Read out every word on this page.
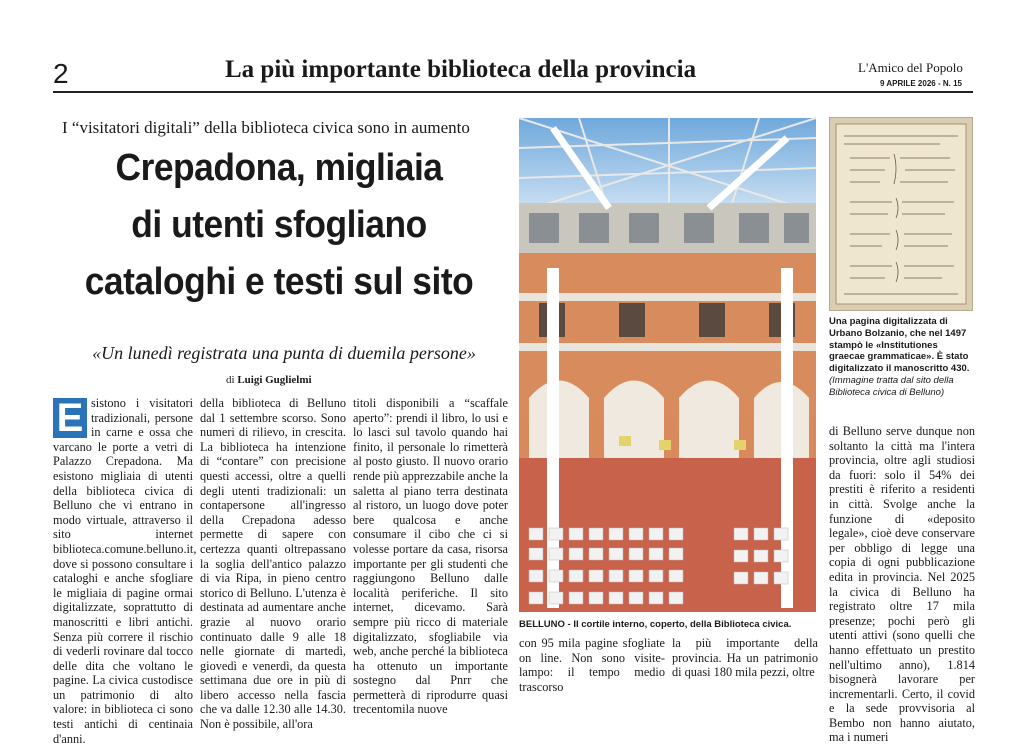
2	La più importante biblioteca della provincia	L'Amico del Popolo
9 APRILE 2026 - N. 15
I “visitatori digitali” della biblioteca civica sono in aumento
Crepadona, migliaia
di utenti sfogliano
cataloghi e testi sul sito
«Un lunedì registrata una punta di duemila persone»
di Luigi Guglielmi
E sistono i visitatori tradizionali, persone in carne e ossa che varcano le porte a vetri di Palazzo Crepadona. Ma esistono migliaia di utenti della biblioteca civica di Belluno che vi entrano in modo virtuale, attraverso il sito internet biblioteca.comune.belluno.it, dove si possono consultare i cataloghi e anche sfogliare le migliaia di pagine ormai digitalizzate, soprattutto di manoscritti e libri antichi. Senza più correre il rischio di vederli rovinare dal tocco delle dita che voltano le pagine. La civica custodisce un patrimonio di alto valore: in biblioteca ci sono testi antichi di centinaia d'anni.
della biblioteca di Belluno dal 1 settembre scorso. Sono numeri di rilievo, in crescita. La biblioteca ha intenzione di “contare” con precisione questi accessi, oltre a quelli degli utenti tradizionali: un contapersone all'ingresso della Crepadona adesso permette di sapere con certezza quanti oltrepassano la soglia dell'antico palazzo di via Ripa, in pieno centro storico di Belluno. L'utenza è destinata ad aumentare anche grazie al nuovo orario continuato dalle 9 alle 18 nelle giornate di martedì, giovedì e venerdì, da questa settimana due ore in più di libero accesso nella fascia che va dalle 12.30 alle 14.30. Non è possibile, all'ora
titoli disponibili a “scaffale aperto”: prendi il libro, lo usi e lo lasci sul tavolo quando hai finito, il personale lo rimetterà al posto giusto. Il nuovo orario rende più apprezzabile anche la saletta al piano terra destinata al ristoro, un luogo dove poter bere qualcosa e anche consumare il cibo che ci si volesse portare da casa, risorsa importante per gli studenti che raggiungono Belluno dalle località periferiche. Il sito internet, dicevamo. Sarà sempre più ricco di materiale digitalizzato, sfogliabile via web, anche perché la biblioteca ha ottenuto un importante sostegno dal Pnrr che permetterà di riprodurre quasi trecentomila nuove
BELLUNO - Il cortile interno, coperto, della Biblioteca civica.
Una pagina digitalizzata di Urbano Bolzanio, che nel 1497 stampò le «Institutiones graecae grammaticae». È stato digitalizzato il manoscritto 430. (Immagine tratta dal sito della Biblioteca civica di Belluno)
con 95 mila pagine sfogliate on line. Non sono visite-lampo: il tempo medio trascorso
la più importante della provincia. Ha un patrimonio di quasi 180 mila pezzi, oltre
di Belluno serve dunque non soltanto la città ma l'intera provincia, oltre agli studiosi da fuori: solo il 54% dei prestiti è riferito a residenti in città. Svolge anche la funzione di «deposito legale», cioè deve conservare per obbligo di legge una copia di ogni pubblicazione edita in provincia. Nel 2025 la civica di Belluno ha registrato oltre 17 mila presenze; pochi però gli utenti attivi (sono quelli che hanno effettuato un prestito nell'ultimo anno), 1.814 bisognerà lavorare per incrementarli. Certo, il covid e la sede provvisoria al Bembo non hanno aiutato, ma i numeri
